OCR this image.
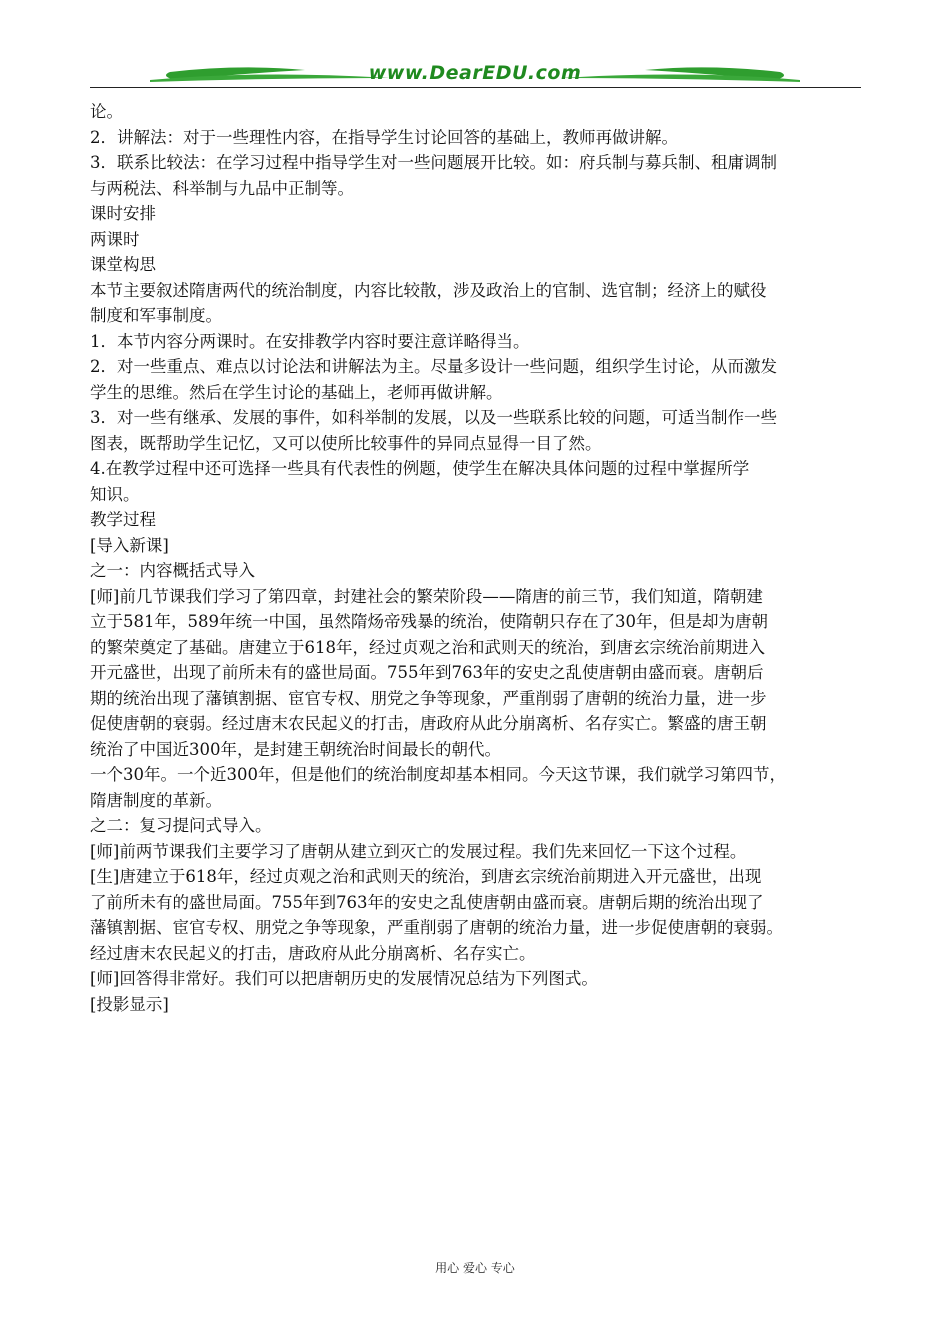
www.DearEDU.com

论。

2．讲解法：对于一些理性内容，在指导学生讨论回答的基础上，教师再做讲解。

3．联系比较法：在学习过程中指导学生对一些问题展开比较。如：府兵制与募兵制、租庸调制

与两税法、科举制与九品中正制等。

课时安排

两课时

课堂构思

本节主要叙述隋唐两代的统治制度，内容比较散，涉及政治上的官制、选官制；经济上的赋役

制度和军事制度。

1．本节内容分两课时。在安排教学内容时要注意详略得当。

2．对一些重点、难点以讨论法和讲解法为主。尽量多设计一些问题，组织学生讨论，从而激发

学生的思维。然后在学生讨论的基础上，老师再做讲解。

3．对一些有继承、发展的事件，如科举制的发展，以及一些联系比较的问题，可适当制作一些

图表，既帮助学生记忆，又可以使所比较事件的异同点显得一目了然。

4.在教学过程中还可选择一些具有代表性的例题，使学生在解决具体问题的过程中掌握所学

知识。

教学过程

[导入新课]

之一：内容概括式导入

[师]前几节课我们学习了第四章，封建社会的繁荣阶段——隋唐的前三节，我们知道，隋朝建

立于581年，589年统一中国，虽然隋炀帝残暴的统治，使隋朝只存在了30年，但是却为唐朝

的繁荣奠定了基础。唐建立于618年，经过贞观之治和武则天的统治，到唐玄宗统治前期进入

开元盛世，出现了前所未有的盛世局面。755年到763年的安史之乱使唐朝由盛而衰。唐朝后

期的统治出现了藩镇割据、宦官专权、朋党之争等现象，严重削弱了唐朝的统治力量，进一步

促使唐朝的衰弱。经过唐末农民起义的打击，唐政府从此分崩离析、名存实亡。繁盛的唐王朝

统治了中国近300年，是封建王朝统治时间最长的朝代。

一个30年。一个近300年，但是他们的统治制度却基本相同。今天这节课，我们就学习第四节，

隋唐制度的革新。

之二：复习提问式导入。

[师]前两节课我们主要学习了唐朝从建立到灭亡的发展过程。我们先来回忆一下这个过程。

[生]唐建立于618年，经过贞观之治和武则天的统治，到唐玄宗统治前期进入开元盛世，出现

了前所未有的盛世局面。755年到763年的安史之乱使唐朝由盛而衰。唐朝后期的统治出现了

藩镇割据、宦官专权、朋党之争等现象，严重削弱了唐朝的统治力量，进一步促使唐朝的衰弱。

经过唐末农民起义的打击，唐政府从此分崩离析、名存实亡。

[师]回答得非常好。我们可以把唐朝历史的发展情况总结为下列图式。

[投影显示]

用心 爱心 专心
